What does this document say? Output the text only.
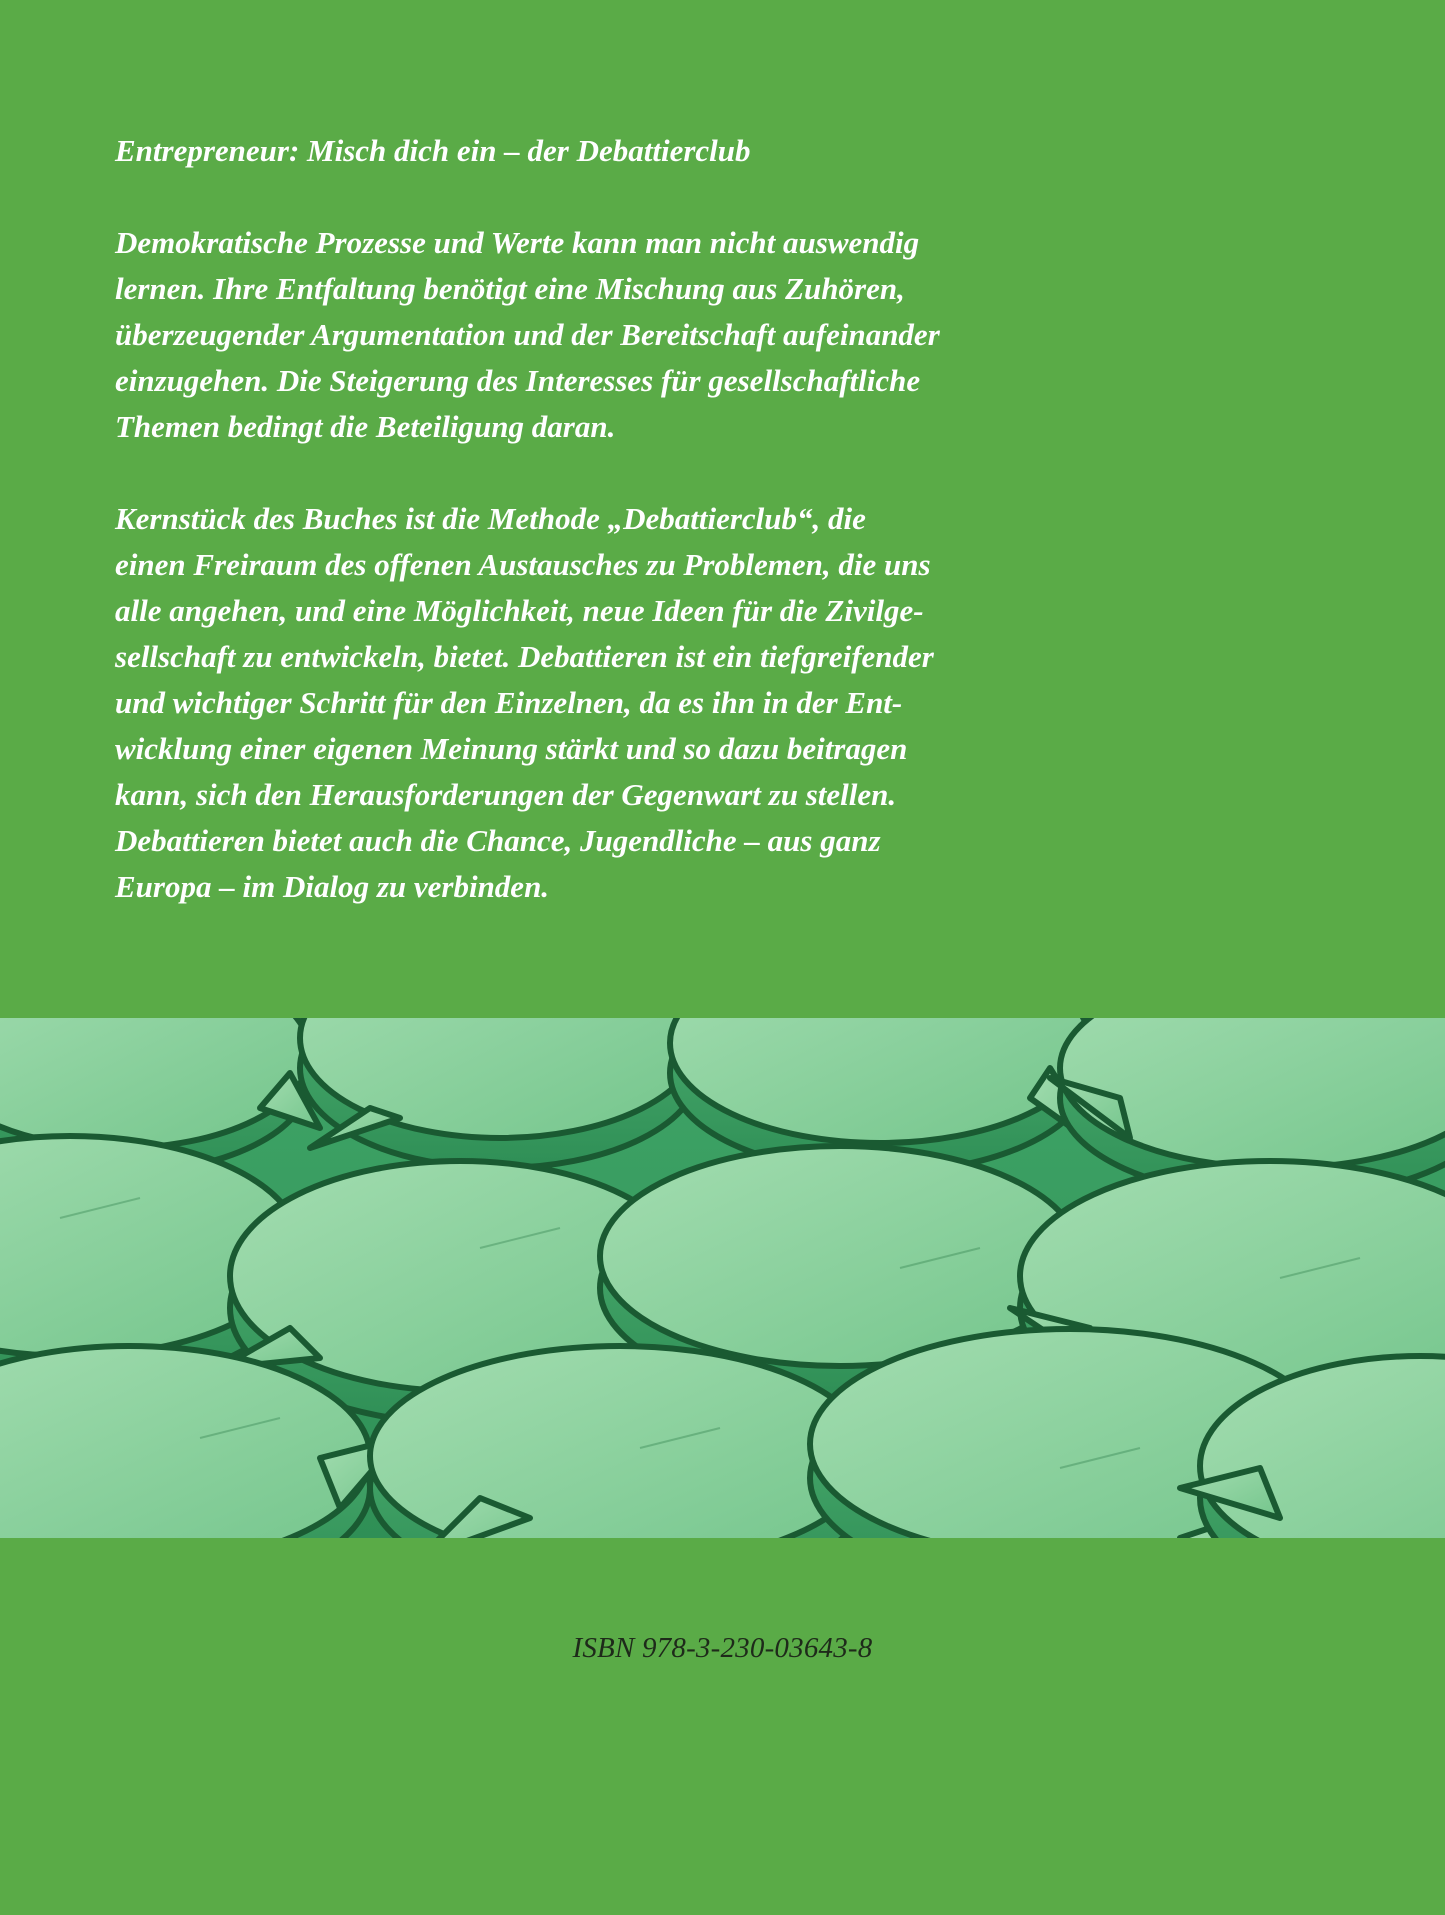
Entrepreneur: Misch dich ein – der Debattierclub

Demokratische Prozesse und Werte kann man nicht auswendig
lernen. Ihre Entfaltung benötigt eine Mischung aus Zuhören,
überzeugender Argumentation und der Bereitschaft aufeinander
einzugehen. Die Steigerung des Interesses für gesellschaftliche
Themen bedingt die Beteiligung daran.

Kernstück des Buches ist die Methode „Debattierclub“, die
einen Freiraum des offenen Austausches zu Problemen, die uns
alle angehen, und eine Möglichkeit, neue Ideen für die Zivilge-
sellschaft zu entwickeln, bietet. Debattieren ist ein tiefgreifender
und wichtiger Schritt für den Einzelnen, da es ihn in der Ent-
wicklung einer eigenen Meinung stärkt und so dazu beitragen
kann, sich den Herausforderungen der Gegenwart zu stellen.
Debattieren bietet auch die Chance, Jugendliche – aus ganz
Europa – im Dialog zu verbinden.

ISBN 978-3-230-03643-8
